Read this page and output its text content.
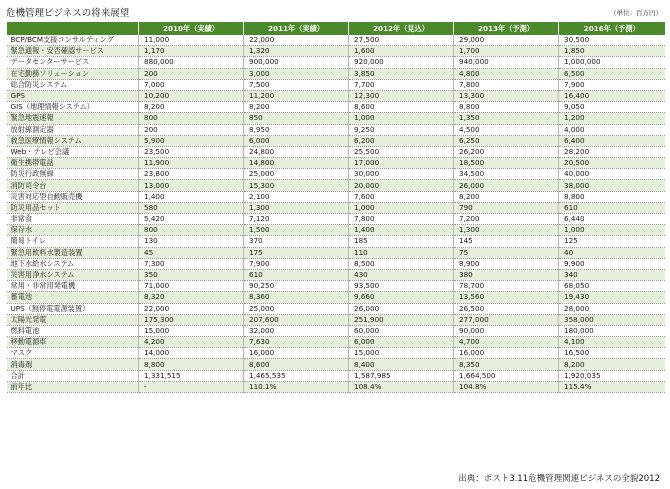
危機管理ビジネスの将来展望	（単位：百万円）
	2010年（実績）	2011年（実績）	2012年（見込）	2013年（予測）	2016年（予測）
BCP/BCM支援コンサルティング	11,000	22,000	27,500	29,000	30,500
緊急通報・安否確認サービス	1,170	1,320	1,600	1,700	1,850
データセンターサービス	880,000	900,000	920,000	940,000	1,000,000
在宅勤務ソリューション	200	3,000	3,850	4,800	6,500
総合防災システム	7,000	7,500	7,700	7,800	7,900
GPS	10,200	11,200	12,300	13,300	16,400
GIS（地理情報システム）	8,200	8,200	8,600	8,800	9,050
緊急地震速報	800	850	1,000	1,350	1,200
放射線測定器	200	8,950	9,250	4,500	4,000
救急医療情報システム	5,900	6,000	6,200	6,250	6,400
Web・テレビ会議	23,500	24,800	25,500	26,200	28,200
衛生携帯電話	11,900	14,800	17,000	18,500	20,500
防災行政無線	23,800	25,000	30,000	34,500	40,000
消防司令台	13,000	15,300	20,000	26,000	38,000
災害対応型自動販売機	1,400	2,100	7,600	8,200	8,800
防災用品セット	580	1,300	1,000	790	610
非常食	5,420	7,120	7,800	7,200	6,440
保存水	800	1,500	1,400	1,300	1,000
簡易トイレ	130	370	185	145	125
緊急用飲料水製造装置	45	175	110	75	40
地下水給水システム	7,300	7,900	8,500	8,900	9,900
災害用浄水システム	350	610	430	380	340
常用・非常用発電機	71,000	90,250	93,500	78,700	68,050
蓄電池	8,320	8,360	9,660	13,560	19,430
UPS（無停電電源装置）	22,000	25,000	26,000	26,500	28,000
太陽光発電	175,300	207,600	251,900	277,000	358,000
燃料電池	15,000	32,000	60,000	90,000	180,000
移動電源車	4,200	7,630	6,000	4,700	4,100
マスク	14,000	16,000	15,000	16,000	16,500
消毒剤	8,800	8,600	8,400	8,350	8,200
合計	1,331,515	1,465,535	1,587,985	1,664,500	1,920,035
前年比	-	110.1%	108.4%	104.8%	115.4%
出典：ポスト3.11危機管理関連ビジネスの全貌2012
